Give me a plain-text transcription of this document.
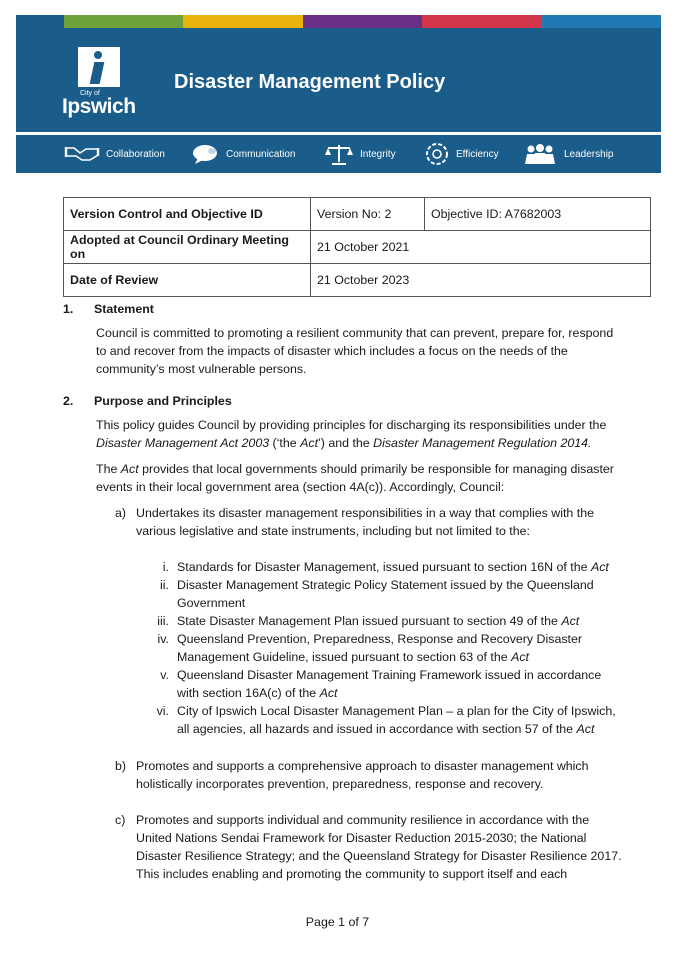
City of
Ipswich
Disaster Management Policy
Collaboration	Communication	Integrity	Efficiency	Leadership
Version Control and Objective ID	Version No: 2	Objective ID: A7682003
Adopted at Council Ordinary Meeting on	21 October 2021	
Date of Review	21 October 2023	
1. Statement

Council is committed to promoting a resilient community that can prevent, prepare for, respond to and recover from the impacts of disaster which includes a focus on the needs of the community’s most vulnerable persons.

2. Purpose and Principles

This policy guides Council by providing principles for discharging its responsibilities under the Disaster Management Act 2003 (‘the Act’) and the Disaster Management Regulation 2014.

The Act provides that local governments should primarily be responsible for managing disaster events in their local government area (section 4A(c)). Accordingly, Council:

a) Undertakes its disaster management responsibilities in a way that complies with the various legislative and state instruments, including but not limited to the:
i. Standards for Disaster Management, issued pursuant to section 16N of the Act
ii. Disaster Management Strategic Policy Statement issued by the Queensland Government
iii. State Disaster Management Plan issued pursuant to section 49 of the Act
iv. Queensland Prevention, Preparedness, Response and Recovery Disaster Management Guideline, issued pursuant to section 63 of the Act
v. Queensland Disaster Management Training Framework issued in accordance with section 16A(c) of the Act
vi. City of Ipswich Local Disaster Management Plan – a plan for the City of Ipswich, all agencies, all hazards and issued in accordance with section 57 of the Act
b) Promotes and supports a comprehensive approach to disaster management which holistically incorporates prevention, preparedness, response and recovery.
c) Promotes and supports individual and community resilience in accordance with the United Nations Sendai Framework for Disaster Reduction 2015-2030; the National Disaster Resilience Strategy; and the Queensland Strategy for Disaster Resilience 2017. This includes enabling and promoting the community to support itself and each
Page 1 of 7
